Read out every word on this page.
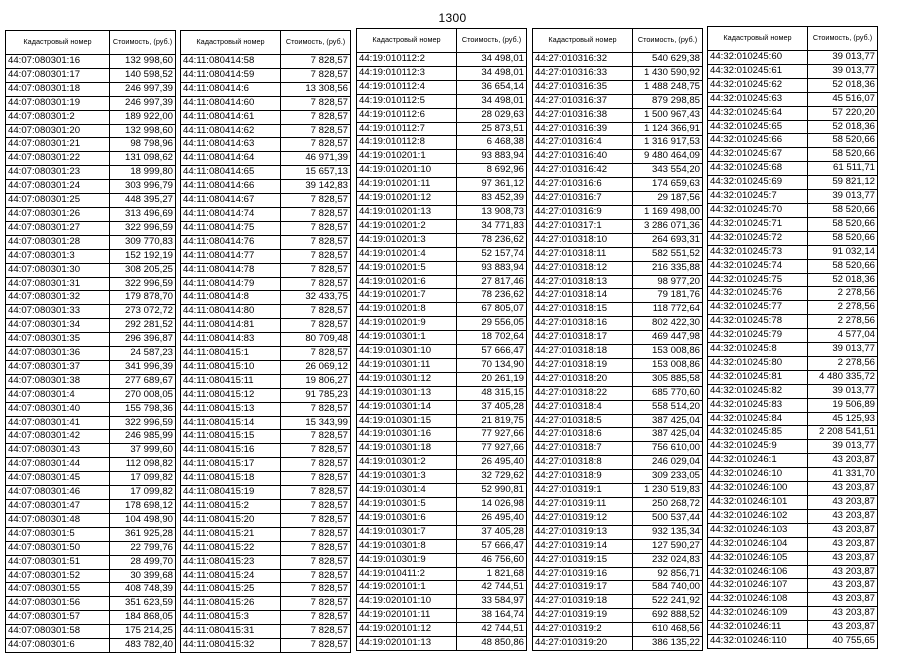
1300
Кадастровый номер	Стоимость, (руб.)
44:07:080301:16	132 998,60
44:07:080301:17	140 598,52
44:07:080301:18	246 997,39
44:07:080301:19	246 997,39
44:07:080301:2	189 922,00
44:07:080301:20	132 998,60
44:07:080301:21	98 798,96
44:07:080301:22	131 098,62
44:07:080301:23	18 999,80
44:07:080301:24	303 996,79
44:07:080301:25	448 395,27
44:07:080301:26	313 496,69
44:07:080301:27	322 996,59
44:07:080301:28	309 770,83
44:07:080301:3	152 192,19
44:07:080301:30	308 205,25
44:07:080301:31	322 996,59
44:07:080301:32	179 878,70
44:07:080301:33	273 072,72
44:07:080301:34	292 281,52
44:07:080301:35	296 396,87
44:07:080301:36	24 587,23
44:07:080301:37	341 996,39
44:07:080301:38	277 689,67
44:07:080301:4	270 008,05
44:07:080301:40	155 798,36
44:07:080301:41	322 996,59
44:07:080301:42	246 985,99
44:07:080301:43	37 999,60
44:07:080301:44	112 098,82
44:07:080301:45	17 099,82
44:07:080301:46	17 099,82
44:07:080301:47	178 698,12
44:07:080301:48	104 498,90
44:07:080301:5	361 925,28
44:07:080301:50	22 799,76
44:07:080301:51	28 499,70
44:07:080301:52	30 399,68
44:07:080301:55	408 748,39
44:07:080301:56	351 623,59
44:07:080301:57	184 868,05
44:07:080301:58	175 214,25
44:07:080301:6	483 782,40
Кадастровый номер	Стоимость, (руб.)
44:11:080414:58	7 828,57
44:11:080414:59	7 828,57
44:11:080414:6	13 308,56
44:11:080414:60	7 828,57
44:11:080414:61	7 828,57
44:11:080414:62	7 828,57
44:11:080414:63	7 828,57
44:11:080414:64	46 971,39
44:11:080414:65	15 657,13
44:11:080414:66	39 142,83
44:11:080414:67	7 828,57
44:11:080414:74	7 828,57
44:11:080414:75	7 828,57
44:11:080414:76	7 828,57
44:11:080414:77	7 828,57
44:11:080414:78	7 828,57
44:11:080414:79	7 828,57
44:11:080414:8	32 433,75
44:11:080414:80	7 828,57
44:11:080414:81	7 828,57
44:11:080414:83	80 709,48
44:11:080415:1	7 828,57
44:11:080415:10	26 069,12
44:11:080415:11	19 806,27
44:11:080415:12	91 785,23
44:11:080415:13	7 828,57
44:11:080415:14	15 343,99
44:11:080415:15	7 828,57
44:11:080415:16	7 828,57
44:11:080415:17	7 828,57
44:11:080415:18	7 828,57
44:11:080415:19	7 828,57
44:11:080415:2	7 828,57
44:11:080415:20	7 828,57
44:11:080415:21	7 828,57
44:11:080415:22	7 828,57
44:11:080415:23	7 828,57
44:11:080415:24	7 828,57
44:11:080415:25	7 828,57
44:11:080415:26	7 828,57
44:11:080415:3	7 828,57
44:11:080415:31	7 828,57
44:11:080415:32	7 828,57
Кадастровый номер	Стоимость, (руб.)
44:19:010112:2	34 498,01
44:19:010112:3	34 498,01
44:19:010112:4	36 654,14
44:19:010112:5	34 498,01
44:19:010112:6	28 029,63
44:19:010112:7	25 873,51
44:19:010112:8	6 468,38
44:19:010201:1	93 883,94
44:19:010201:10	8 692,96
44:19:010201:11	97 361,12
44:19:010201:12	83 452,39
44:19:010201:13	13 908,73
44:19:010201:2	34 771,83
44:19:010201:3	78 236,62
44:19:010201:4	52 157,74
44:19:010201:5	93 883,94
44:19:010201:6	27 817,46
44:19:010201:7	78 236,62
44:19:010201:8	67 805,07
44:19:010201:9	29 556,05
44:19:010301:1	18 702,64
44:19:010301:10	57 666,47
44:19:010301:11	70 134,90
44:19:010301:12	20 261,19
44:19:010301:13	48 315,15
44:19:010301:14	37 405,28
44:19:010301:15	21 819,75
44:19:010301:16	77 927,66
44:19:010301:18	77 927,66
44:19:010301:2	26 495,40
44:19:010301:3	32 729,62
44:19:010301:4	52 990,81
44:19:010301:5	14 026,98
44:19:010301:6	26 495,40
44:19:010301:7	37 405,28
44:19:010301:8	57 666,47
44:19:010301:9	46 756,60
44:19:010411:2	1 821,68
44:19:020101:1	42 744,51
44:19:020101:10	33 584,97
44:19:020101:11	38 164,74
44:19:020101:12	42 744,51
44:19:020101:13	48 850,86
Кадастровый номер	Стоимость, (руб.)
44:27:010316:32	540 629,38
44:27:010316:33	1 430 590,92
44:27:010316:35	1 488 248,75
44:27:010316:37	879 298,85
44:27:010316:38	1 500 967,43
44:27:010316:39	1 124 366,91
44:27:010316:4	1 316 917,53
44:27:010316:40	9 480 464,09
44:27:010316:42	343 554,20
44:27:010316:6	174 659,63
44:27:010316:7	29 187,56
44:27:010316:9	1 169 498,00
44:27:010317:1	3 286 071,36
44:27:010318:10	264 693,31
44:27:010318:11	582 551,52
44:27:010318:12	216 335,88
44:27:010318:13	98 977,20
44:27:010318:14	79 181,76
44:27:010318:15	118 772,64
44:27:010318:16	802 422,30
44:27:010318:17	469 447,98
44:27:010318:18	153 008,86
44:27:010318:19	153 008,86
44:27:010318:20	305 885,58
44:27:010318:22	685 770,60
44:27:010318:4	558 514,20
44:27:010318:5	387 425,04
44:27:010318:6	387 425,04
44:27:010318:7	756 610,00
44:27:010318:8	246 029,04
44:27:010318:9	309 233,05
44:27:010319:1	1 230 519,83
44:27:010319:11	250 268,72
44:27:010319:12	500 537,44
44:27:010319:13	932 135,34
44:27:010319:14	127 590,27
44:27:010319:15	232 024,83
44:27:010319:16	92 856,71
44:27:010319:17	584 740,00
44:27:010319:18	522 241,92
44:27:010319:19	692 888,52
44:27:010319:2	610 468,56
44:27:010319:20	386 135,22
Кадастровый номер	Стоимость, (руб.)
44:32:010245:60	39 013,77
44:32:010245:61	39 013,77
44:32:010245:62	52 018,36
44:32:010245:63	45 516,07
44:32:010245:64	57 220,20
44:32:010245:65	52 018,36
44:32:010245:66	58 520,66
44:32:010245:67	58 520,66
44:32:010245:68	61 511,71
44:32:010245:69	59 821,12
44:32:010245:7	39 013,77
44:32:010245:70	58 520,66
44:32:010245:71	58 520,66
44:32:010245:72	58 520,66
44:32:010245:73	91 032,14
44:32:010245:74	58 520,66
44:32:010245:75	52 018,36
44:32:010245:76	2 278,56
44:32:010245:77	2 278,56
44:32:010245:78	2 278,56
44:32:010245:79	4 577,04
44:32:010245:8	39 013,77
44:32:010245:80	2 278,56
44:32:010245:81	4 480 335,72
44:32:010245:82	39 013,77
44:32:010245:83	19 506,89
44:32:010245:84	45 125,93
44:32:010245:85	2 208 541,51
44:32:010245:9	39 013,77
44:32:010246:1	43 203,87
44:32:010246:10	41 331,70
44:32:010246:100	43 203,87
44:32:010246:101	43 203,87
44:32:010246:102	43 203,87
44:32:010246:103	43 203,87
44:32:010246:104	43 203,87
44:32:010246:105	43 203,87
44:32:010246:106	43 203,87
44:32:010246:107	43 203,87
44:32:010246:108	43 203,87
44:32:010246:109	43 203,87
44:32:010246:11	43 203,87
44:32:010246:110	40 755,65
